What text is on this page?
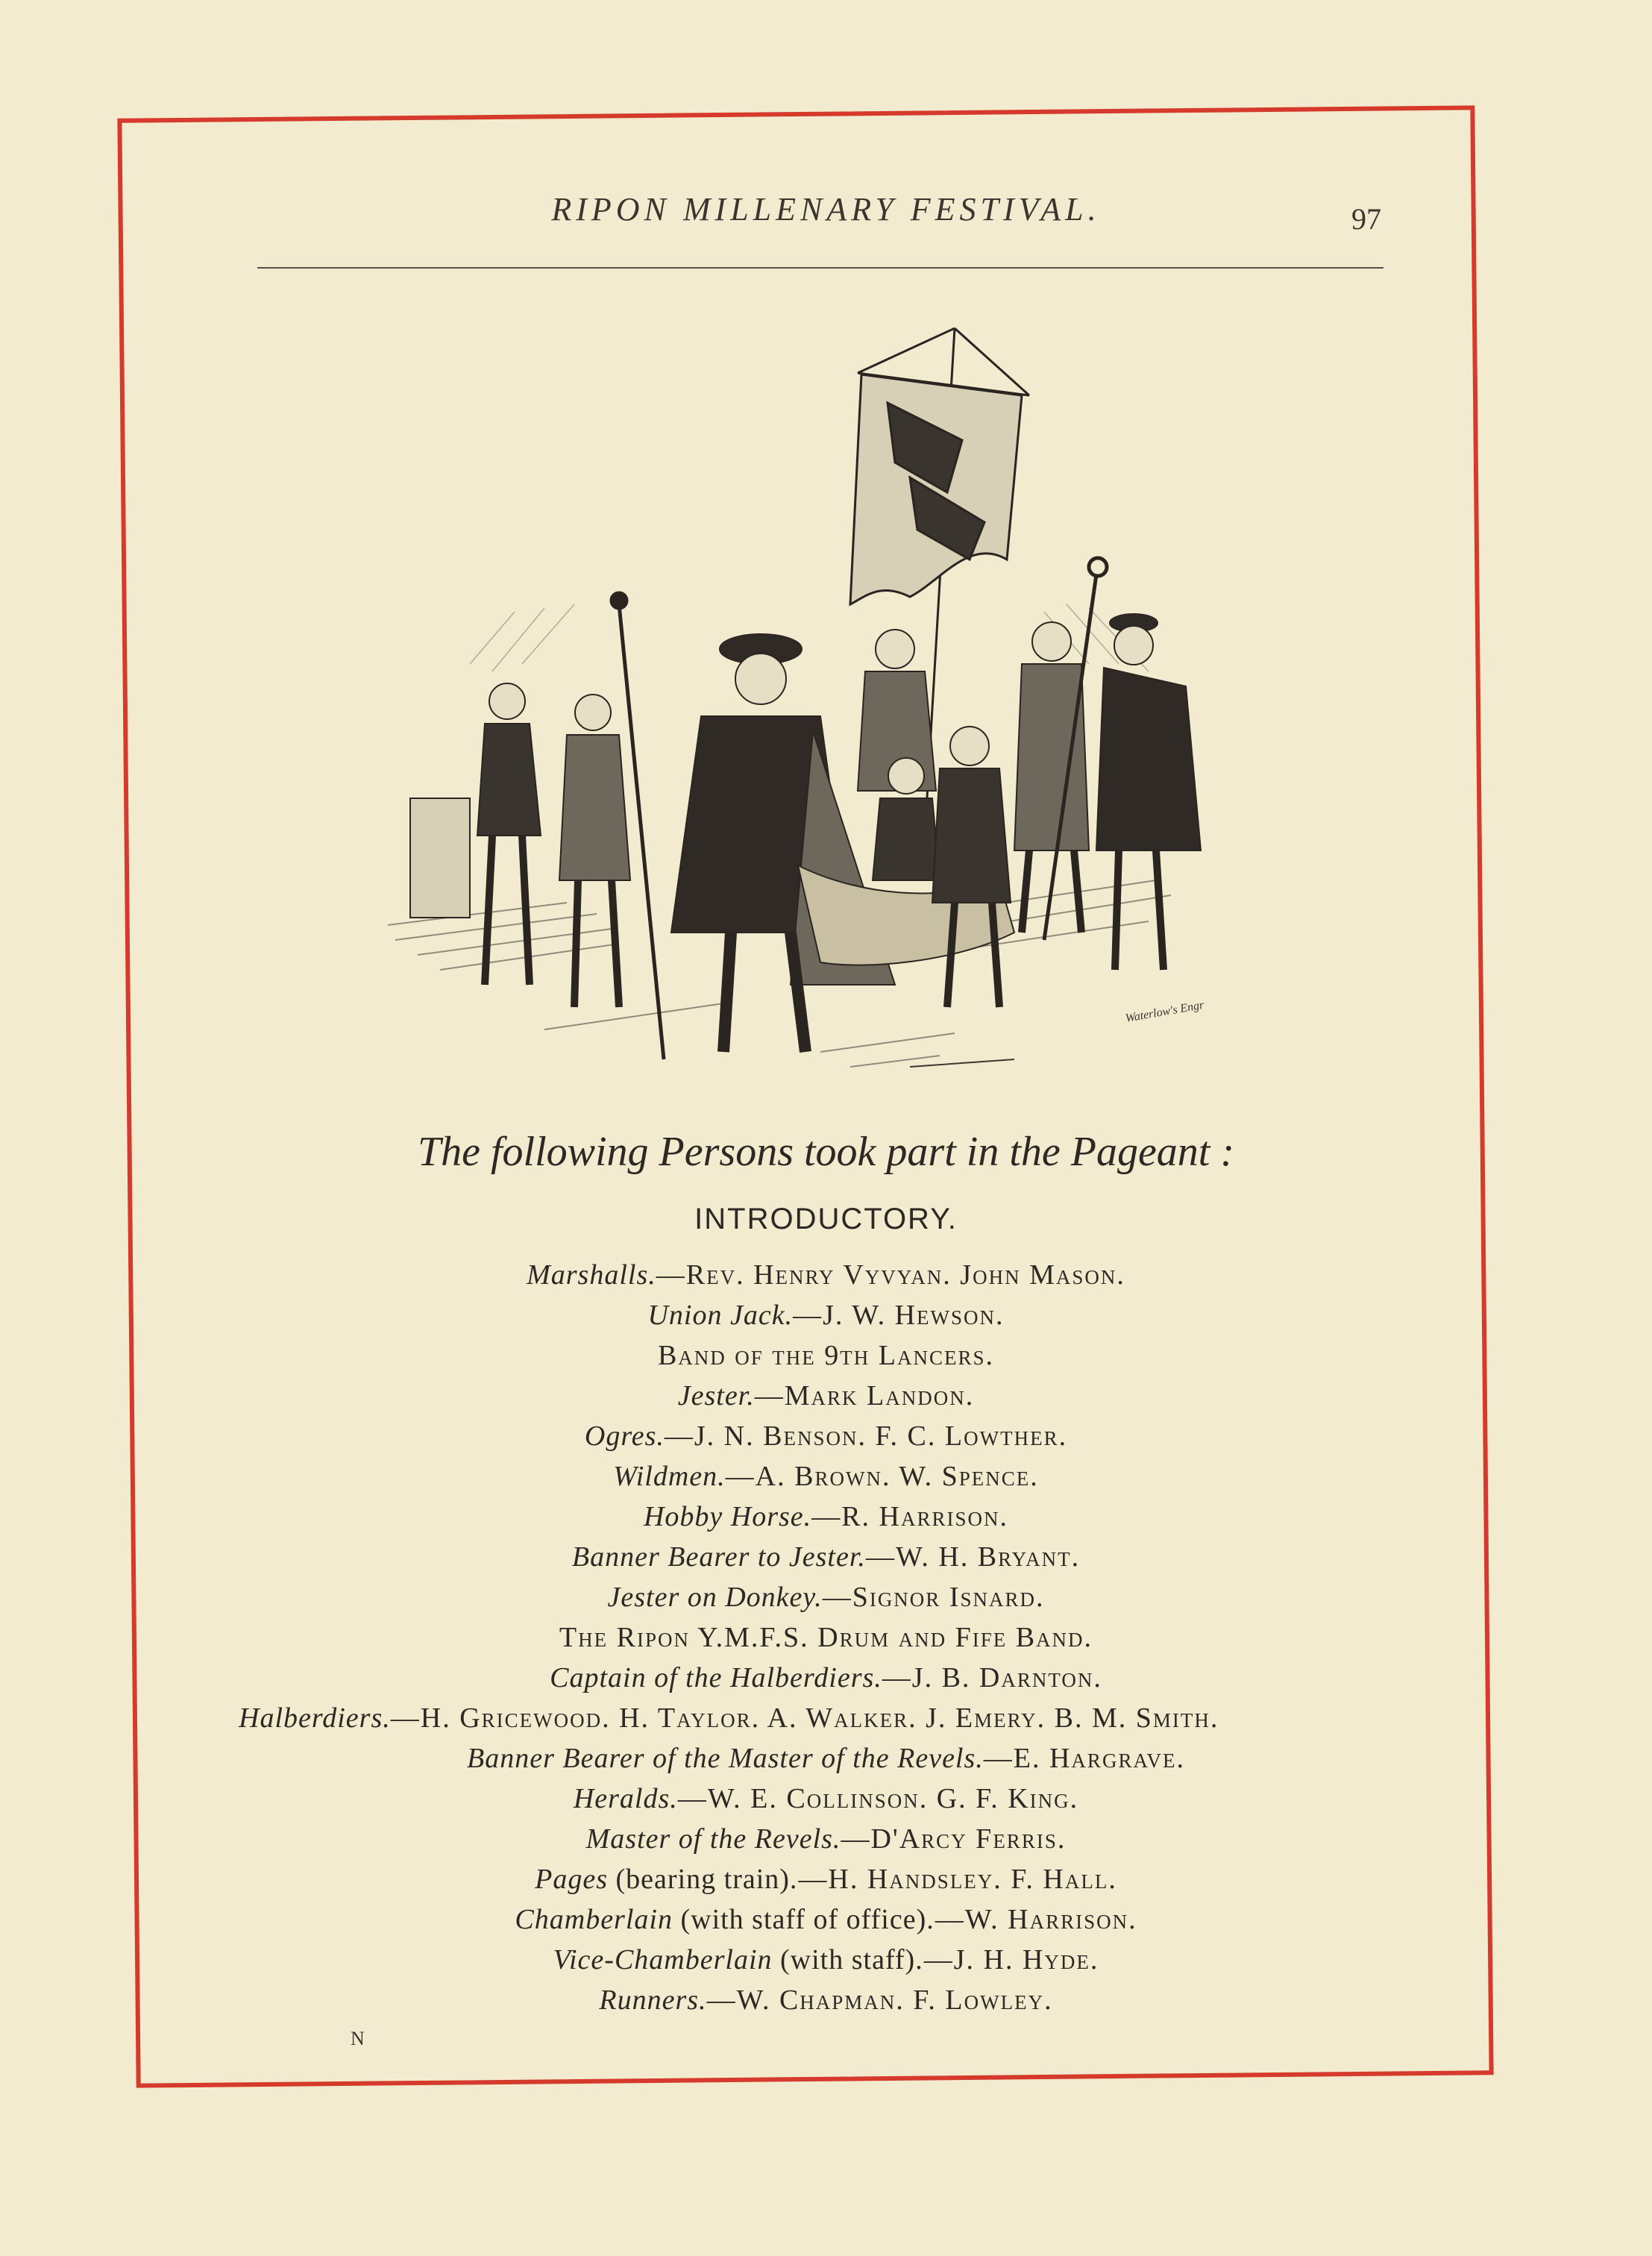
RIPON MILLENARY FESTIVAL.	97
Waterlow's Engr
The following Persons took part in the Pageant :
INTRODUCTORY.
Marshalls.—Rev. Henry Vyvyan. John Mason.
Union Jack.—J. W. Hewson.
Band of the 9th Lancers.
Jester.—Mark Landon.
Ogres.—J. N. Benson. F. C. Lowther.
Wildmen.—A. Brown. W. Spence.
Hobby Horse.—R. Harrison.
Banner Bearer to Jester.—W. H. Bryant.
Jester on Donkey.—Signor Isnard.
The Ripon Y.M.F.S. Drum and Fife Band.
Captain of the Halberdiers.—J. B. Darnton.
Halberdiers.—H. Gricewood. H. Taylor. A. Walker. J. Emery. B. M. Smith.
Banner Bearer of the Master of the Revels.—E. Hargrave.
Heralds.—W. E. Collinson. G. F. King.
Master of the Revels.—D'Arcy Ferris.
Pages (bearing train).—H. Handsley. F. Hall.
Chamberlain (with staff of office).—W. Harrison.
Vice-Chamberlain (with staff).—J. H. Hyde.
Runners.—W. Chapman. F. Lowley.
N
